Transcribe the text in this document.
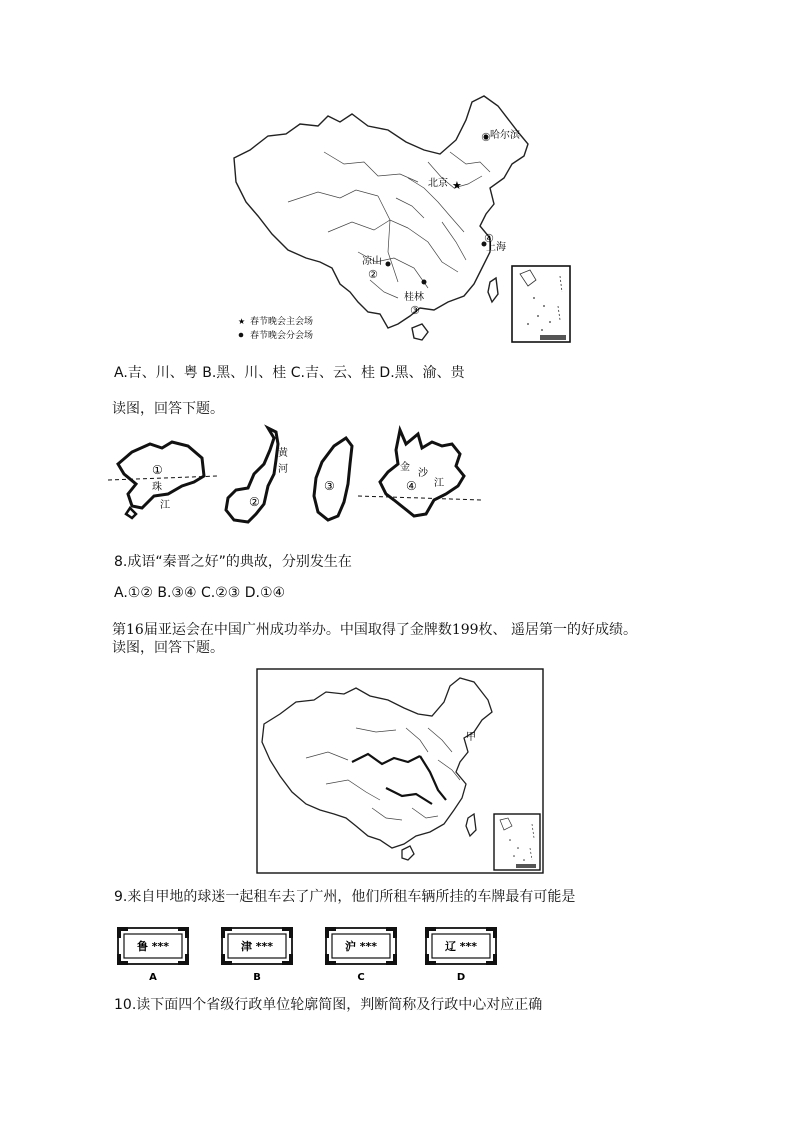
★
哈尔滨
①
北京
④
上海
凉山
②
桂林
③
★ 春节晚会主会场
春节晚会分会场
A.吉、川、粤 B.黑、川、桂 C.吉、云、桂 D.黑、渝、贵
读图，回答下题。
①
珠
江	②
黄
河
③	④
金
沙
江
8.成语“秦晋之好”的典故，分别发生在
A.①② B.③④ C.②③ D.①④
第16届亚运会在中国广州成功举办。中国取得了金牌数199枚、 遥居第一的好成绩。
读图，回答下题。
甲
9.来自甲地的球迷一起租车去了广州，他们所租车辆所挂的车牌最有可能是
鲁 ***
A
津 ***
B
沪 ***
C
辽 ***
D
10.读下面四个省级行政单位轮廓简图，判断简称及行政中心对应正确
